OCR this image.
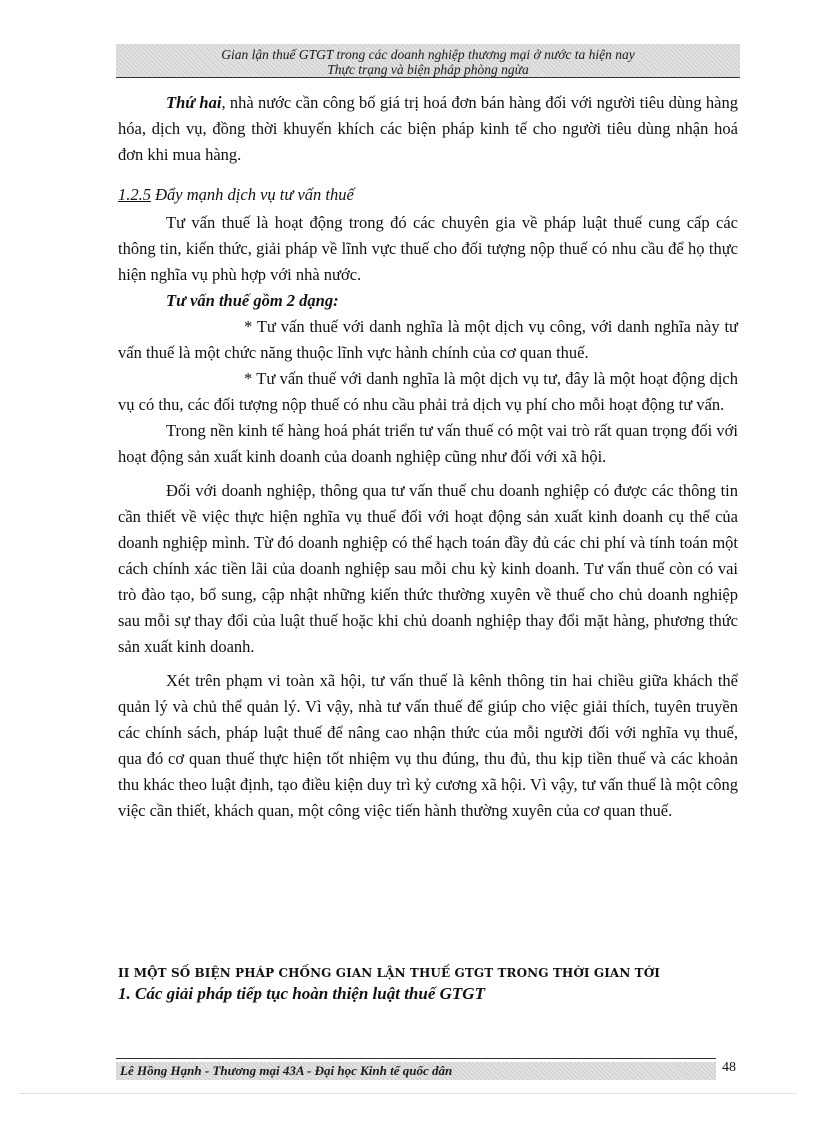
Gian lận thuế GTGT trong các doanh nghiệp thương mại ở nước ta hiện nay
Thực trạng và biện pháp phòng ngừa

Thứ hai, nhà nước cần công bố giá trị hoá đơn bán hàng đối với người tiêu dùng hàng hóa, dịch vụ, đồng thời khuyến khích các biện pháp kinh tế cho người tiêu dùng nhận hoá đơn khi mua hàng.

1.2.5 Đẩy mạnh dịch vụ tư vấn thuế

Tư vấn thuế là hoạt động trong đó các chuyên gia về pháp luật thuế cung cấp các thông tin, kiến thức, giải pháp về lĩnh vực thuế cho đối tượng nộp thuế có nhu cầu để họ thực hiện nghĩa vụ phù hợp với nhà nước.

Tư vấn thuế gồm 2 dạng:

* Tư vấn thuế với danh nghĩa là một dịch vụ công, với danh nghĩa này tư vấn thuế là một chức năng thuộc lĩnh vực hành chính của cơ quan thuế.

* Tư vấn thuế với danh nghĩa là một dịch vụ tư, đây là một hoạt động dịch vụ có thu, các đối tượng nộp thuế có nhu cầu phải trả dịch vụ phí cho mỗi hoạt động tư vấn.

Trong nền kinh tế hàng hoá phát triển tư vấn thuế có một vai trò rất quan trọng đối với hoạt động sản xuất kinh doanh của doanh nghiệp cũng như đối với xã hội.

Đối với doanh nghiệp, thông qua tư vấn thuế chu doanh nghiệp có được các thông tin cần thiết về việc thực hiện nghĩa vụ thuế đối với hoạt động sản xuất kinh doanh cụ thể của doanh nghiệp mình. Từ đó doanh nghiệp có thể hạch toán đầy đủ các chi phí và tính toán một cách chính xác tiền lãi của doanh nghiệp sau mỗi chu kỳ kinh doanh. Tư vấn thuế còn có vai trò đào tạo, bổ sung, cập nhật những kiến thức thường xuyên về thuế cho chủ doanh nghiệp sau mỗi sự thay đổi của luật thuế hoặc khi chủ doanh nghiệp thay đổi mặt hàng, phương thức sản xuất kinh doanh.

Xét trên phạm vi toàn xã hội, tư vấn thuế là kênh thông tin hai chiều giữa khách thể quản lý và chủ thể quản lý. Vì vậy, nhà tư vấn thuế để giúp cho việc giải thích, tuyên truyền các chính sách, pháp luật thuế để nâng cao nhận thức của mỗi người đối với nghĩa vụ thuế, qua đó cơ quan thuế thực hiện tốt nhiệm vụ thu đúng, thu đủ, thu kịp tiền thuế và các khoản thu khác theo luật định, tạo điều kiện duy trì kỷ cương xã hội. Vì vậy, tư vấn thuế là một công việc cần thiết, khách quan, một công việc tiến hành thường xuyên của cơ quan thuế.

II MỘT SỐ BIỆN PHÁP CHỐNG GIAN LẬN THUẾ GTGT TRONG THỜI GIAN TỚI
1. Các giải pháp tiếp tục hoàn thiện luật thuế GTGT
Lê Hồng Hạnh - Thương mại 43A - Đại học Kinh tế quốc dân	48
